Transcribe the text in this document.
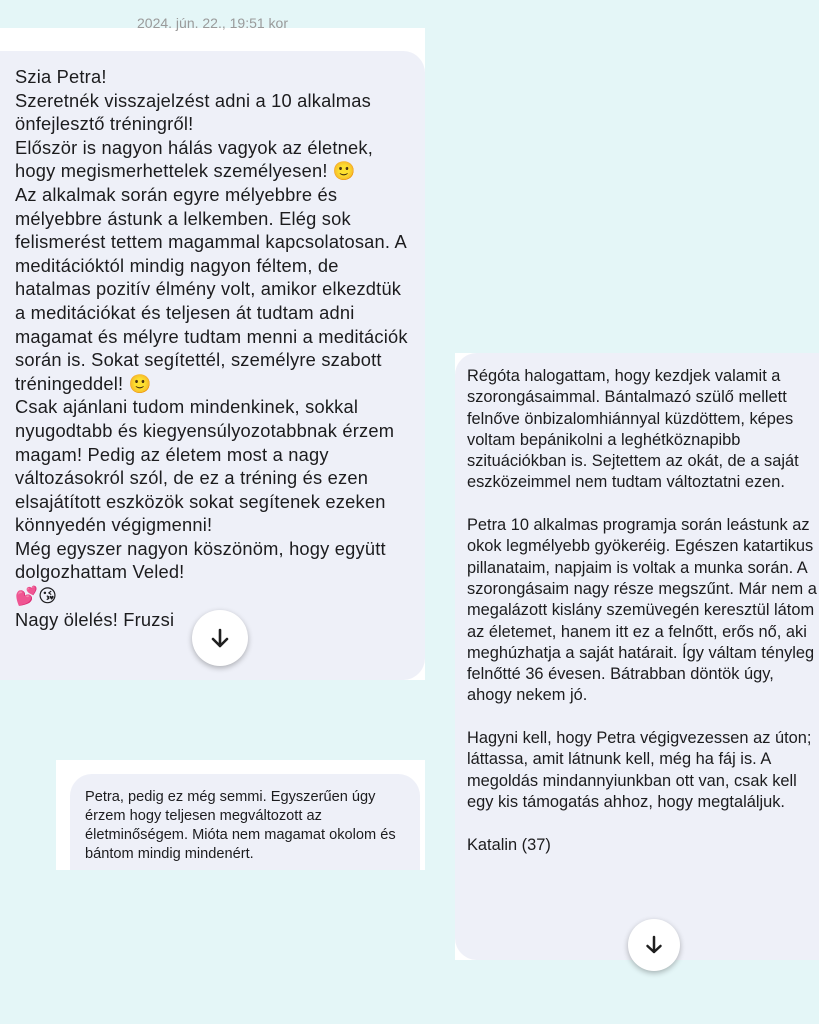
2024. jún. 22., 19:51 kor
Szia Petra!
Szeretnék visszajelzést adni a 10 alkalmas önfejlesztő tréningről!
Először is nagyon hálás vagyok az életnek, hogy megismerhettelek személyesen! 🙂
Az alkalmak során egyre mélyebbre és mélyebbre ástunk a lelkemben. Elég sok felismerést tettem magammal kapcsolatosan. A meditációktól mindig nagyon féltem, de hatalmas pozitív élmény volt, amikor elkezdtük a meditációkat és teljesen át tudtam adni magamat és mélyre tudtam menni a meditációk során is. Sokat segítettél, személyre szabott tréningeddel! 🙂
Csak ajánlani tudom mindenkinek, sokkal nyugodtabb és kiegyensúlyozotabbnak érzem magam! Pedig az életem most a nagy változásokról szól, de ez a tréning és ezen elsajátított eszközök sokat segítenek ezeken könnyedén végigmenni!
Még egyszer nagyon köszönöm, hogy együtt dolgozhattam Veled!
💕😘
Nagy ölelés! Fruzsi
Régóta halogattam, hogy kezdjek valamit a szorongásaimmal. Bántalmazó szülő mellett felnőve önbizalomhiánnyal küzdöttem, képes voltam bepánikolni a leghétköznapibb szituációkban is. Sejtettem az okát, de a saját eszközeimmel nem tudtam változtatni ezen.

Petra 10 alkalmas programja során leástunk az okok legmélyebb gyökeréig. Egészen katartikus pillanataim, napjaim is voltak a munka során. A szorongásaim nagy része megszűnt. Már nem a megalázott kislány szemüvegén keresztül látom az életemet, hanem itt ez a felnőtt, erős nő, aki meghúzhatja a saját határait. Így váltam tényleg felnőtté 36 évesen. Bátrabban döntök úgy, ahogy nekem jó.

Hagyni kell, hogy Petra végigvezessen az úton; láttassa, amit látnunk kell, még ha fáj is. A megoldás mindannyiunkban ott van, csak kell egy kis támogatás ahhoz, hogy megtaláljuk.

Katalin (37)
Petra, pedig ez még semmi. Egyszerűen úgy érzem hogy teljesen megváltozott az életminőségem. Mióta nem magamat okolom és bántom mindig mindenért.
